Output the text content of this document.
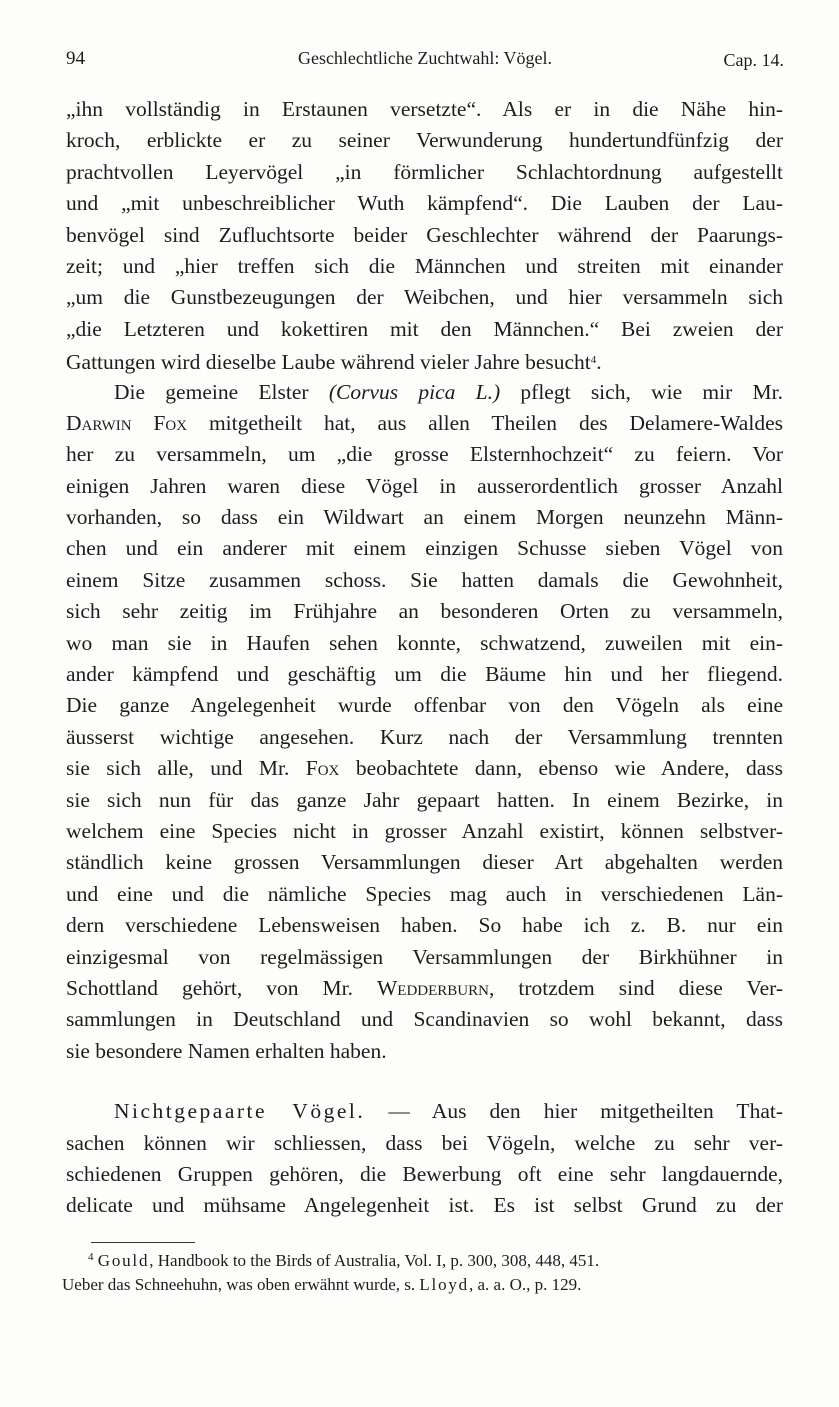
94	Geschlechtliche Zuchtwahl: Vögel.	Cap. 14.
„ihn vollständig in Erstaunen versetzte“. Als er in die Nähe hin-
kroch, erblickte er zu seiner Verwunderung hundertundfünfzig der
prachtvollen Leyervögel „in förmlicher Schlachtordnung aufgestellt
und „mit unbeschreiblicher Wuth kämpfend“. Die Lauben der Lau-
benvögel sind Zufluchtsorte beider Geschlechter während der Paarungs-
zeit; und „hier treffen sich die Männchen und streiten mit einander
„um die Gunstbezeugungen der Weibchen, und hier versammeln sich
„die Letzteren und kokettiren mit den Männchen.“ Bei zweien der
Gattungen wird dieselbe Laube während vieler Jahre besucht$^4$.
Die gemeine Elster (Corvus pica L.) pflegt sich, wie mir Mr.
Darwin Fox mitgetheilt hat, aus allen Theilen des Delamere-Waldes
her zu versammeln, um „die grosse Elsternhochzeit“ zu feiern. Vor
einigen Jahren waren diese Vögel in ausserordentlich grosser Anzahl
vorhanden, so dass ein Wildwart an einem Morgen neunzehn Männ-
chen und ein anderer mit einem einzigen Schusse sieben Vögel von
einem Sitze zusammen schoss. Sie hatten damals die Gewohnheit,
sich sehr zeitig im Frühjahre an besonderen Orten zu versammeln,
wo man sie in Haufen sehen konnte, schwatzend, zuweilen mit ein-
ander kämpfend und geschäftig um die Bäume hin und her fliegend.
Die ganze Angelegenheit wurde offenbar von den Vögeln als eine
äusserst wichtige angesehen. Kurz nach der Versammlung trennten
sie sich alle, und Mr. Fox beobachtete dann, ebenso wie Andere, dass
sie sich nun für das ganze Jahr gepaart hatten. In einem Bezirke, in
welchem eine Species nicht in grosser Anzahl existirt, können selbstver-
ständlich keine grossen Versammlungen dieser Art abgehalten werden
und eine und die nämliche Species mag auch in verschiedenen Län-
dern verschiedene Lebensweisen haben. So habe ich z. B. nur ein
einzigesmal von regelmässigen Versammlungen der Birkhühner in
Schottland gehört, von Mr. Wedderburn, trotzdem sind diese Ver-
sammlungen in Deutschland und Scandinavien so wohl bekannt, dass
sie besondere Namen erhalten haben.
Nichtgepaarte Vögel. — Aus den hier mitgetheilten That-
sachen können wir schliessen, dass bei Vögeln, welche zu sehr ver-
schiedenen Gruppen gehören, die Bewerbung oft eine sehr langdauernde,
delicate und mühsame Angelegenheit ist. Es ist selbst Grund zu der
$^4$ Gould, Handbook to the Birds of Australia, Vol. I, p. 300, 308, 448, 451.
Ueber das Schneehuhn, was oben erwähnt wurde, s. Lloyd, a. a. O., p. 129.
